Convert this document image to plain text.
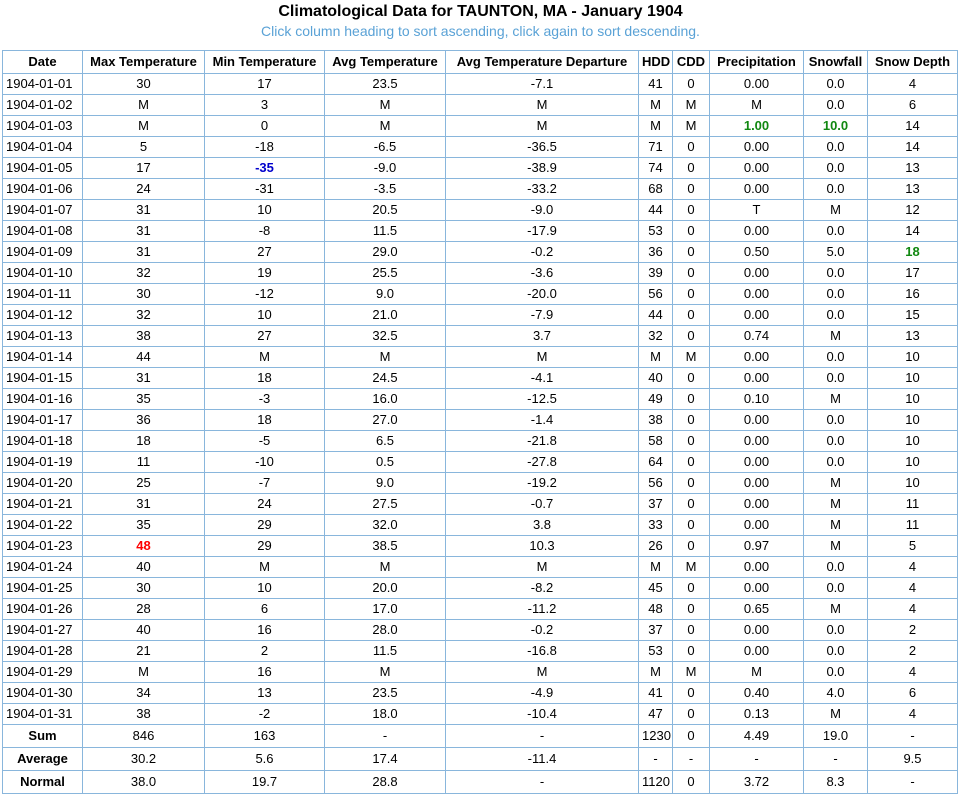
Climatological Data for TAUNTON, MA - January 1904
Click column heading to sort ascending, click again to sort descending.
Date	Max Temperature	Min Temperature	Avg Temperature	Avg Temperature Departure	HDD	CDD	Precipitation	Snowfall	Snow Depth
1904-01-01	30	17	23.5	-7.1	41	0	0.00	0.0	4
1904-01-02	M	3	M	M	M	M	M	0.0	6
1904-01-03	M	0	M	M	M	M	1.00	10.0	14
1904-01-04	5	-18	-6.5	-36.5	71	0	0.00	0.0	14
1904-01-05	17	-35	-9.0	-38.9	74	0	0.00	0.0	13
1904-01-06	24	-31	-3.5	-33.2	68	0	0.00	0.0	13
1904-01-07	31	10	20.5	-9.0	44	0	T	M	12
1904-01-08	31	-8	11.5	-17.9	53	0	0.00	0.0	14
1904-01-09	31	27	29.0	-0.2	36	0	0.50	5.0	18
1904-01-10	32	19	25.5	-3.6	39	0	0.00	0.0	17
1904-01-11	30	-12	9.0	-20.0	56	0	0.00	0.0	16
1904-01-12	32	10	21.0	-7.9	44	0	0.00	0.0	15
1904-01-13	38	27	32.5	3.7	32	0	0.74	M	13
1904-01-14	44	M	M	M	M	M	0.00	0.0	10
1904-01-15	31	18	24.5	-4.1	40	0	0.00	0.0	10
1904-01-16	35	-3	16.0	-12.5	49	0	0.10	M	10
1904-01-17	36	18	27.0	-1.4	38	0	0.00	0.0	10
1904-01-18	18	-5	6.5	-21.8	58	0	0.00	0.0	10
1904-01-19	11	-10	0.5	-27.8	64	0	0.00	0.0	10
1904-01-20	25	-7	9.0	-19.2	56	0	0.00	M	10
1904-01-21	31	24	27.5	-0.7	37	0	0.00	M	11
1904-01-22	35	29	32.0	3.8	33	0	0.00	M	11
1904-01-23	48	29	38.5	10.3	26	0	0.97	M	5
1904-01-24	40	M	M	M	M	M	0.00	0.0	4
1904-01-25	30	10	20.0	-8.2	45	0	0.00	0.0	4
1904-01-26	28	6	17.0	-11.2	48	0	0.65	M	4
1904-01-27	40	16	28.0	-0.2	37	0	0.00	0.0	2
1904-01-28	21	2	11.5	-16.8	53	0	0.00	0.0	2
1904-01-29	M	16	M	M	M	M	M	0.0	4
1904-01-30	34	13	23.5	-4.9	41	0	0.40	4.0	6
1904-01-31	38	-2	18.0	-10.4	47	0	0.13	M	4
Sum	846	163	-	-	1230	0	4.49	19.0	-
Average	30.2	5.6	17.4	-11.4	-	-	-	-	9.5
Normal	38.0	19.7	28.8	-	1120	0	3.72	8.3	-
